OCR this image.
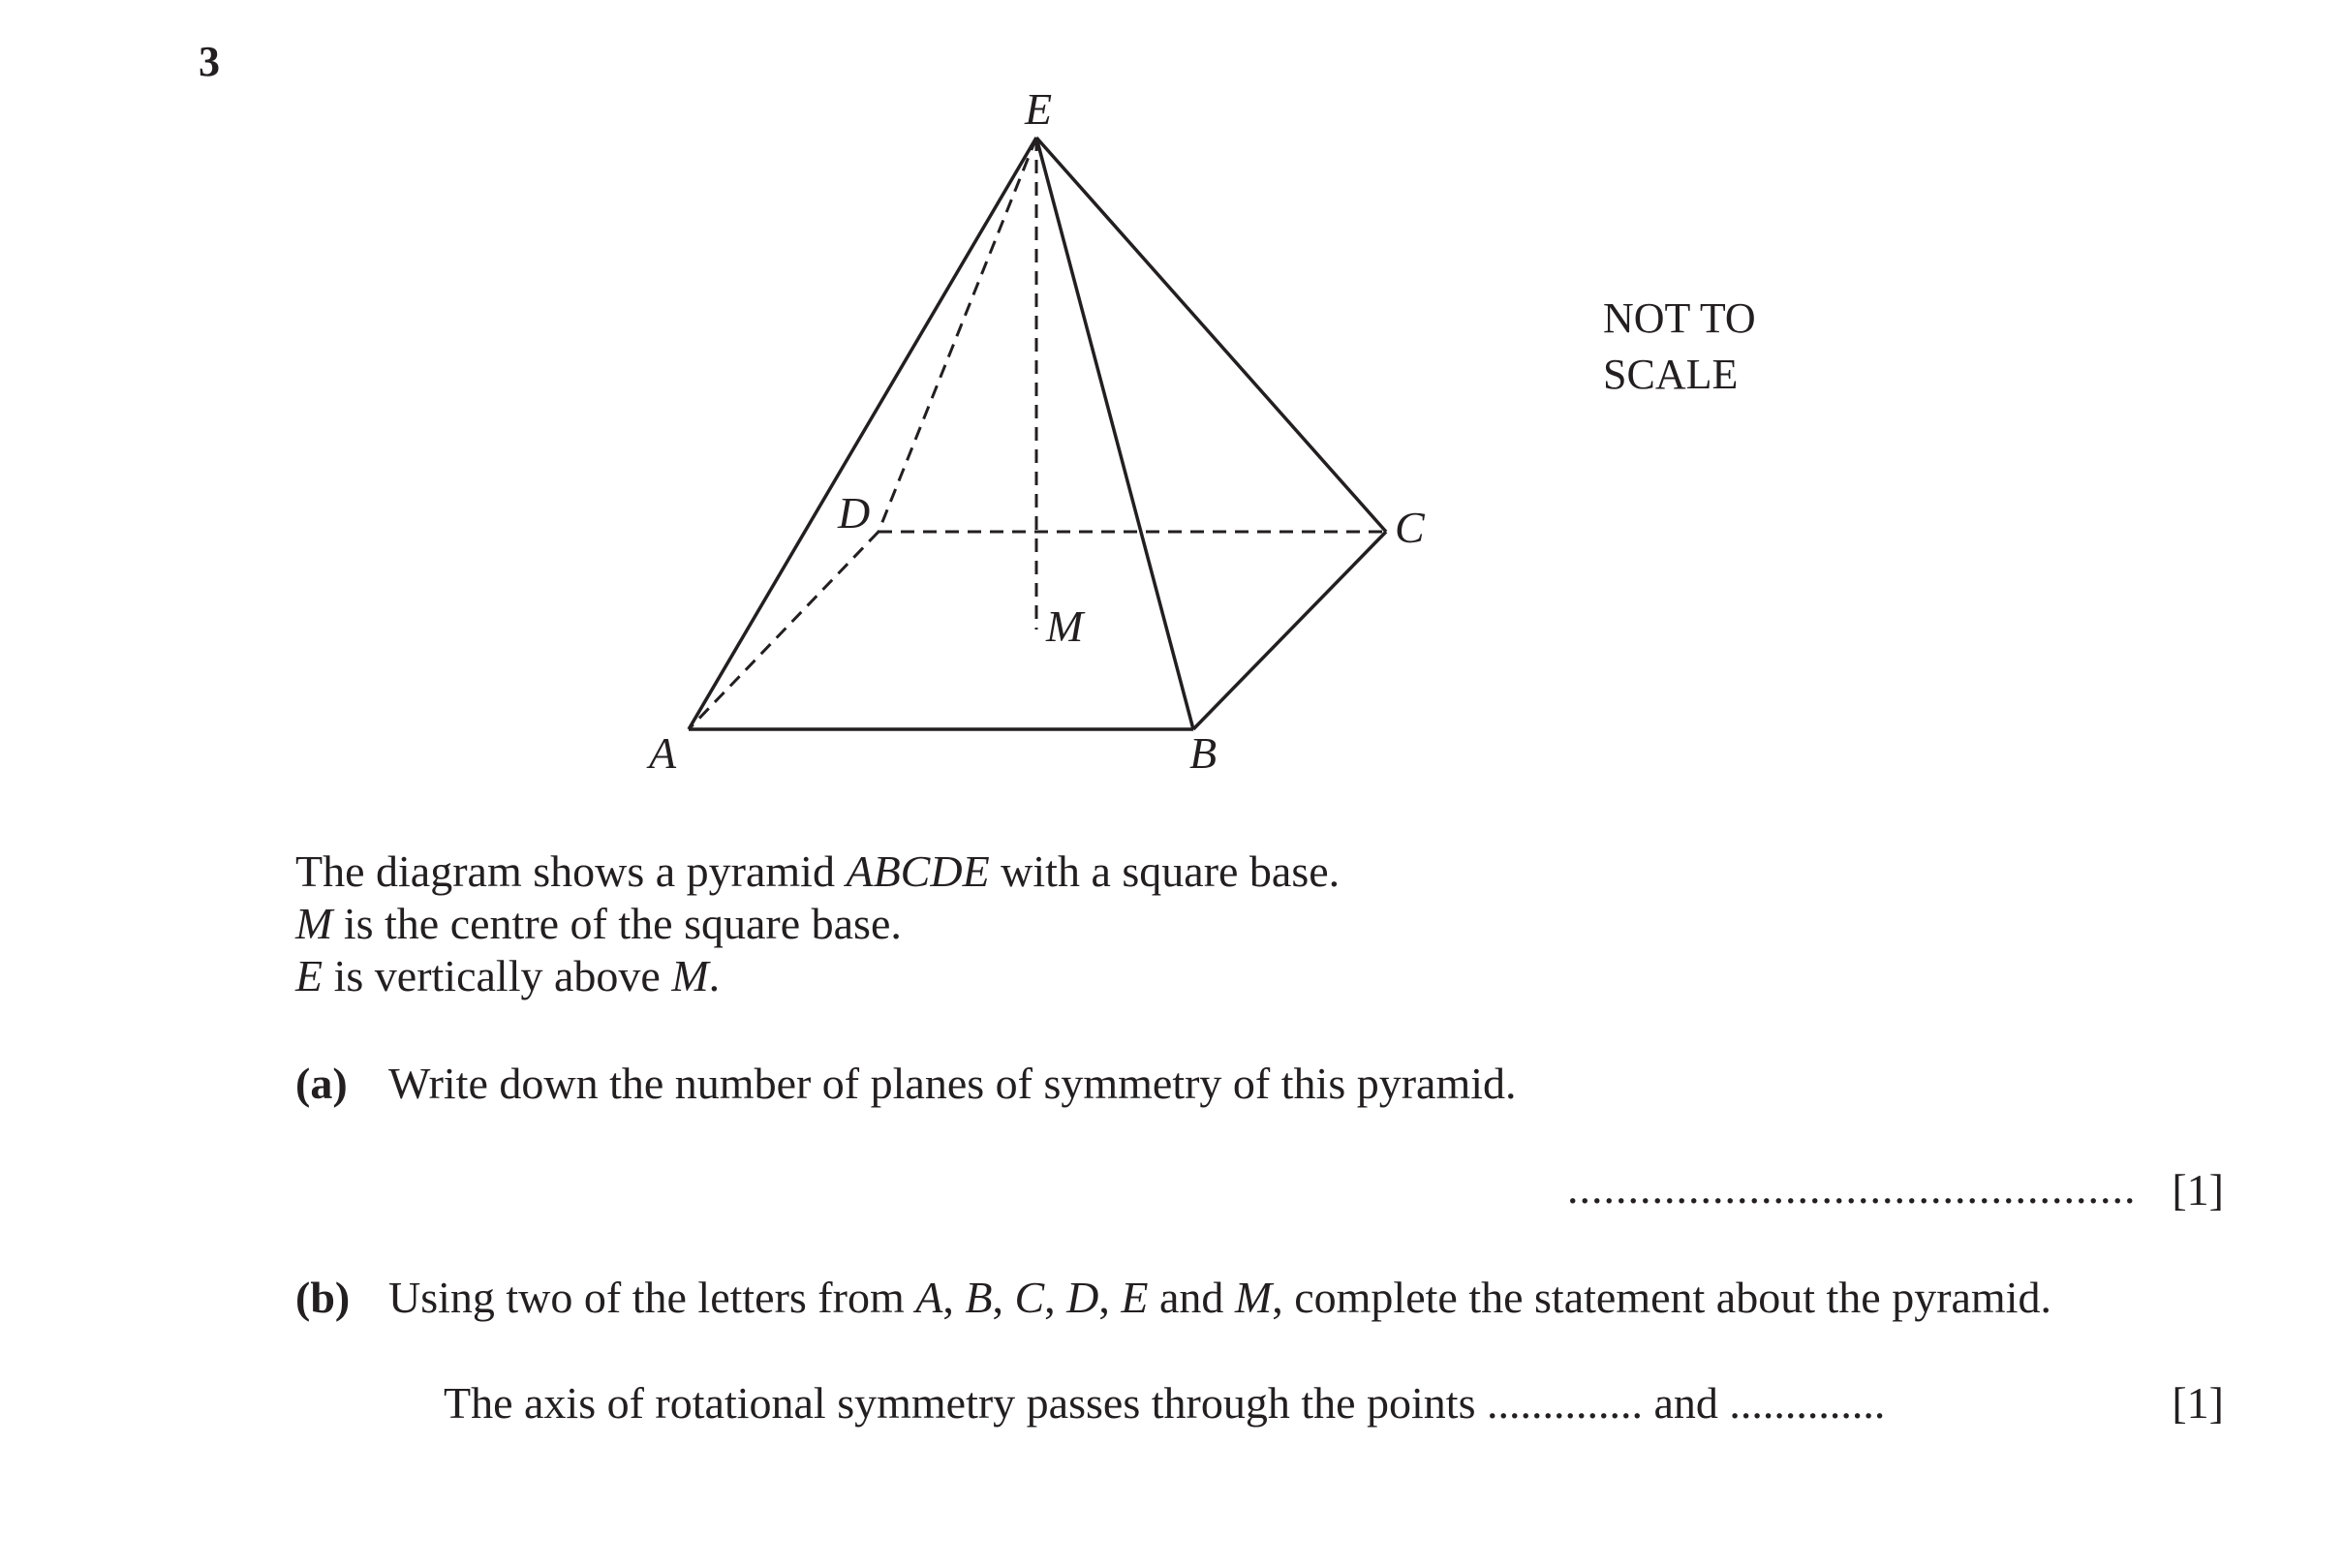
3
E
D	C
M
A	B
NOT TO
SCALE
The diagram shows a pyramid ABCDE with a square base.
M is the centre of the square base.
E is vertically above M.
(a) Write down the number of planes of symmetry of this pyramid.
............................................... [1]
(b) Using two of the letters from A, B, C, D, E and M, complete the statement about the pyramid.
The axis of rotational symmetry passes through the points .............. and ..............	[1]
